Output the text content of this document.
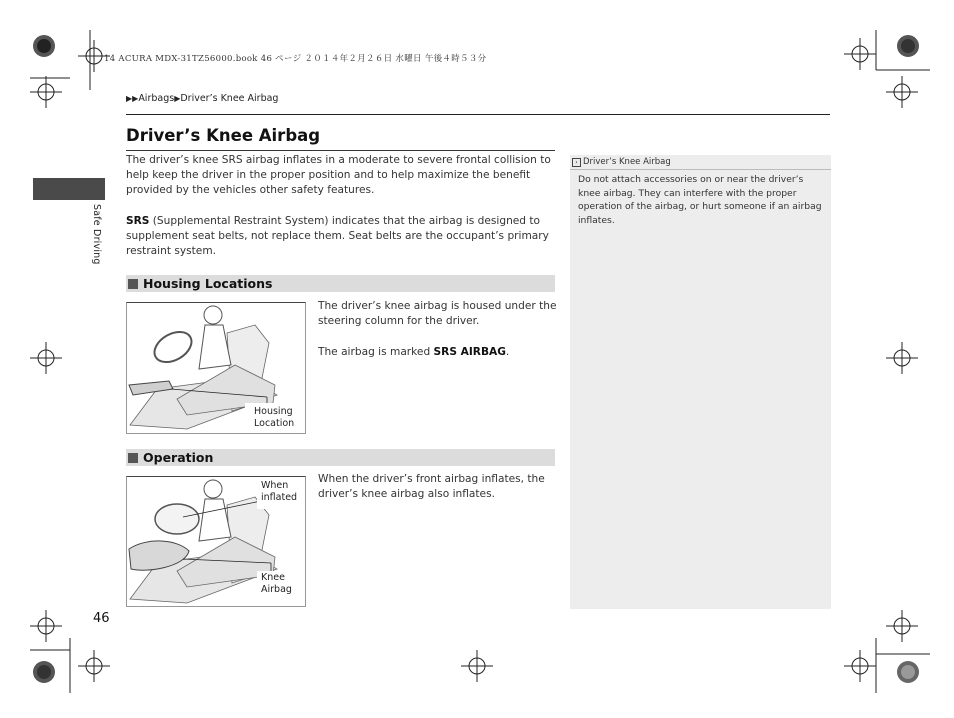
14 ACURA MDX-31TZ56000.book 46 ページ ２０１４年２月２６日 水曜日 午後４時５３分
▶▶Airbags▶Driver’s Knee Airbag
Safe Driving
Driver’s Knee Airbag
The driver’s knee SRS airbag inflates in a moderate to severe frontal collision to help keep the driver in the proper position and to help maximize the benefit provided by the vehicles other safety features.
SRS (Supplemental Restraint System) indicates that the airbag is designed to supplement seat belts, not replace them. Seat belts are the occupant’s primary restraint system.
Housing Locations
Housing
Location
The driver’s knee airbag is housed under the steering column for the driver.
The airbag is marked SRS AIRBAG.
Operation
When
inflated
Knee
Airbag
When the driver’s front airbag inflates, the driver’s knee airbag also inflates.
› Driver’s Knee Airbag
Do not attach accessories on or near the driver’s knee airbag. They can interfere with the proper operation of the airbag, or hurt someone if an airbag inflates.
46
